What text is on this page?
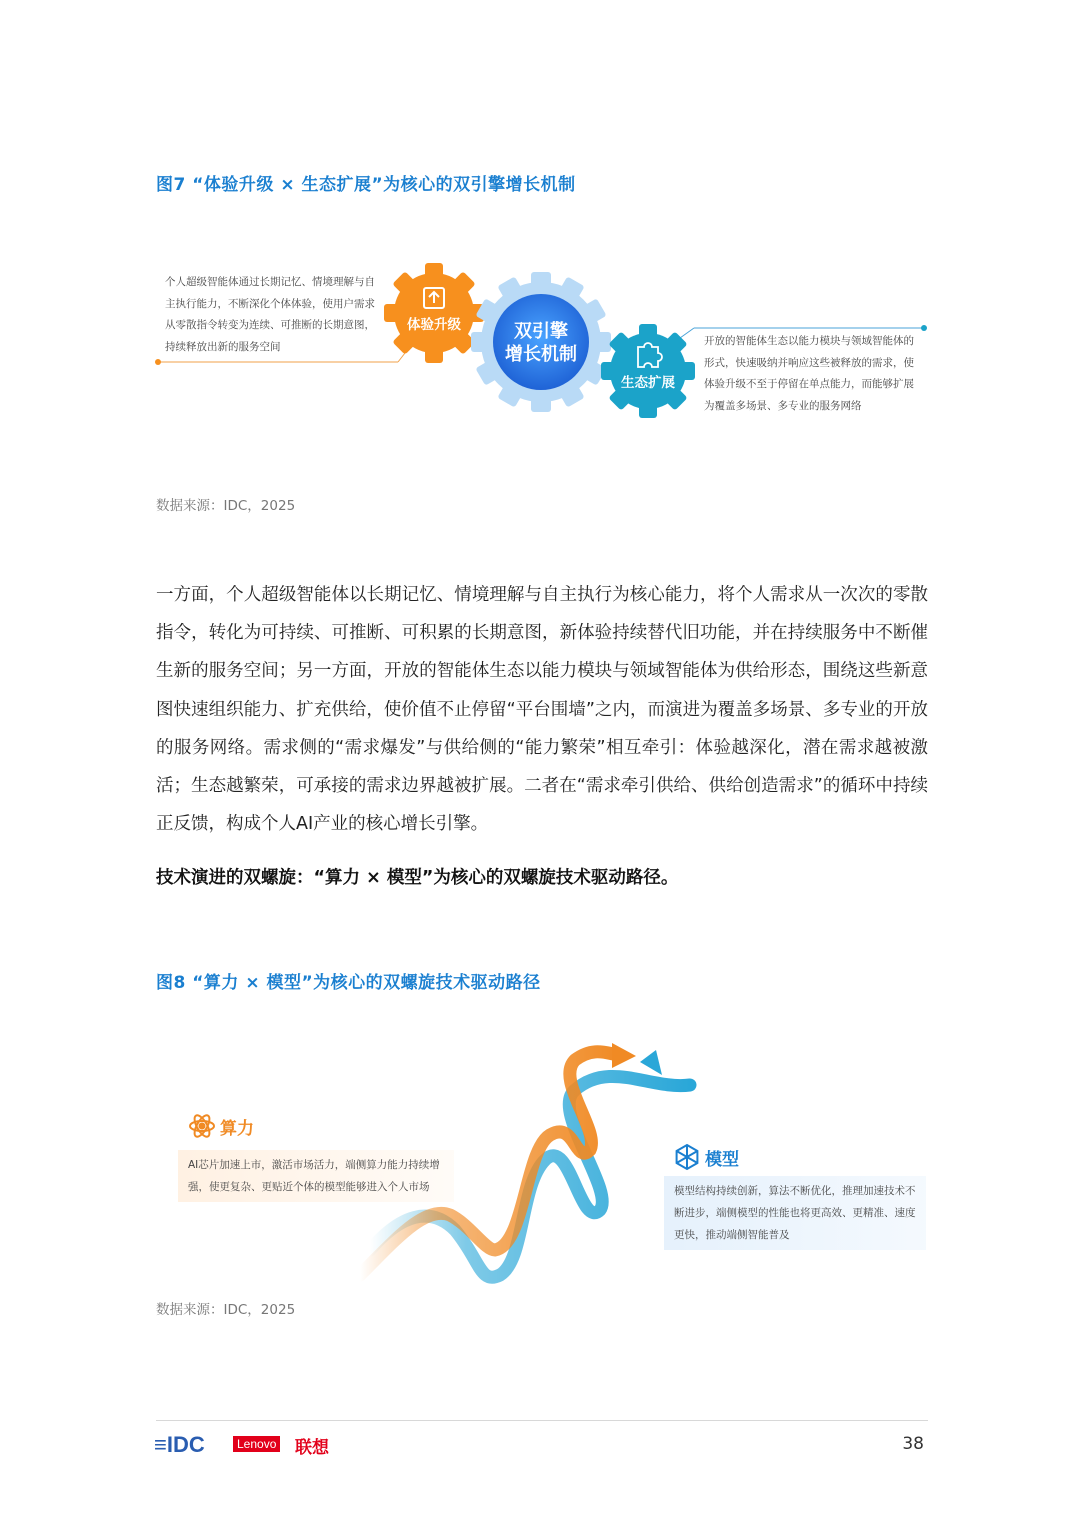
图7 “体验升级 × 生态扩展”为核心的双引擎增长机制
体验升级	双引擎
增长机制
生态扩展
个人超级智能体通过长期记忆、情境理解与自主执行能力，不断深化个体体验，使用户需求从零散指令转变为连续、可推断的长期意图，持续释放出新的服务空间	开放的智能体生态以能力模块与领域智能体的形式，快速吸纳并响应这些被释放的需求，使体验升级不至于停留在单点能力，而能够扩展为覆盖多场景、多专业的服务网络
数据来源：IDC，2025
一方面，个人超级智能体以长期记忆、情境理解与自主执行为核心能力，将个人需求从一次次的零散指令，转化为可持续、可推断、可积累的长期意图，新体验持续替代旧功能，并在持续服务中不断催生新的服务空间；另一方面，开放的智能体生态以能力模块与领域智能体为供给形态，围绕这些新意图快速组织能力、扩充供给，使价值不止停留“平台围墙”之内，而演进为覆盖多场景、多专业的开放的服务网络。需求侧的“需求爆发”与供给侧的“能力繁荣”相互牵引：体验越深化，潜在需求越被激活；生态越繁荣，可承接的需求边界越被扩展。二者在“需求牵引供给、供给创造需求”的循环中持续正反馈，构成个人AI产业的核心增长引擎。
技术演进的双螺旋：“算力 × 模型”为核心的双螺旋技术驱动路径。
图8 “算力 × 模型”为核心的双螺旋技术驱动路径
算力
AI芯片加速上市，激活市场活力，端侧算力能力持续增强，使更复杂、更贴近个体的模型能够进入个人市场
模型
模型结构持续创新，算法不断优化，推理加速技术不断进步，端侧模型的性能也将更高效、更精准、速度更快，推动端侧智能普及
数据来源：IDC，2025
≡IDC	Lenovo 联想	38
